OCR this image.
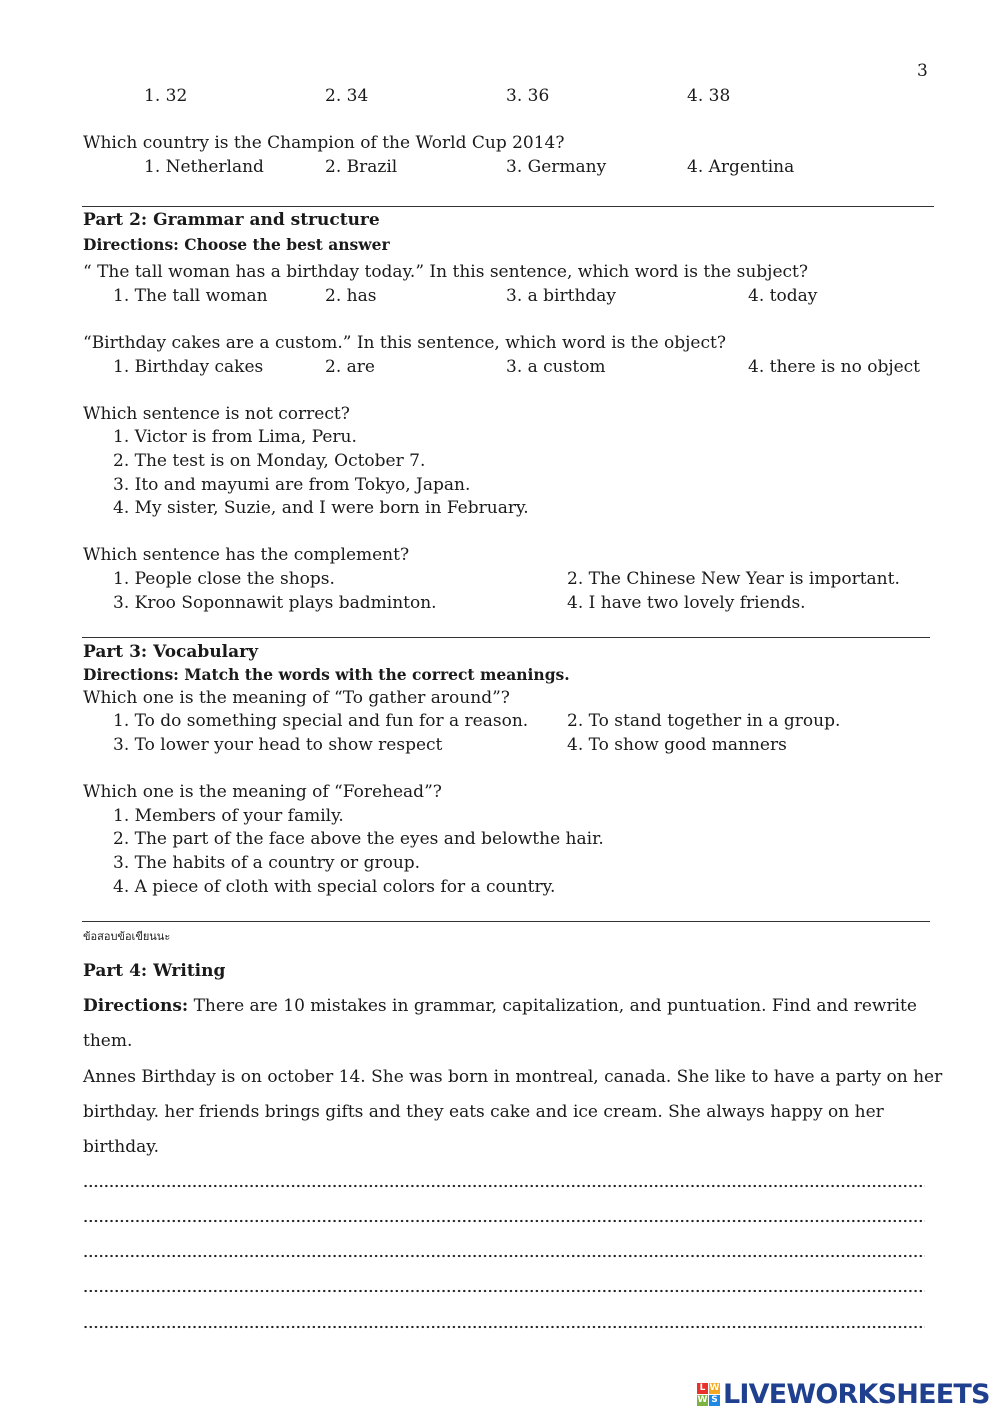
3
1. 32	2. 34	3. 36	4. 38
Which country is the Champion of the World Cup 2014?
1. Netherland	2. Brazil	3. Germany	4. Argentina
Part 2: Grammar and structure
Directions: Choose the best answer
“ The tall woman has a birthday today.” In this sentence, which word is the subject?
1. The tall woman	2. has	3. a birthday	4. today
“Birthday cakes are a custom.” In this sentence, which word is the object?
1. Birthday cakes	2. are	3. a custom	4. there is no object
Which sentence is not correct?
1. Victor is from Lima, Peru.
2. The test is on Monday, October 7.
3. Ito and mayumi are from Tokyo, Japan.
4. My sister, Suzie, and I were born in February.
Which sentence has the complement?
1. People close the shops.	2. The Chinese New Year is important.
3. Kroo Soponnawit plays badminton.	4. I have two lovely friends.
Part 3: Vocabulary
Directions: Match the words with the correct meanings.
Which one is the meaning of “To gather around”?
1. To do something special and fun for a reason. 2. To stand together in a group.
3. To lower your head to show respect	4. To show good manners
Which one is the meaning of “Forehead”?
1. Members of your family.
2. The part of the face above the eyes and belowthe hair.
3. The habits of a country or group.
4. A piece of cloth with special colors for a country.
ข้อสอบข้อเขียนนะ
Part 4: Writing
Directions: There are 10 mistakes in grammar, capitalization, and puntuation. Find and rewrite
them.
Annes Birthday is on october 14. She was born in montreal, canada. She like to have a party on her
birthday. her friends brings gifts and they eats cake and ice cream. She always happy on her
birthday.
L W
W S LIVEWORKSHEETS
